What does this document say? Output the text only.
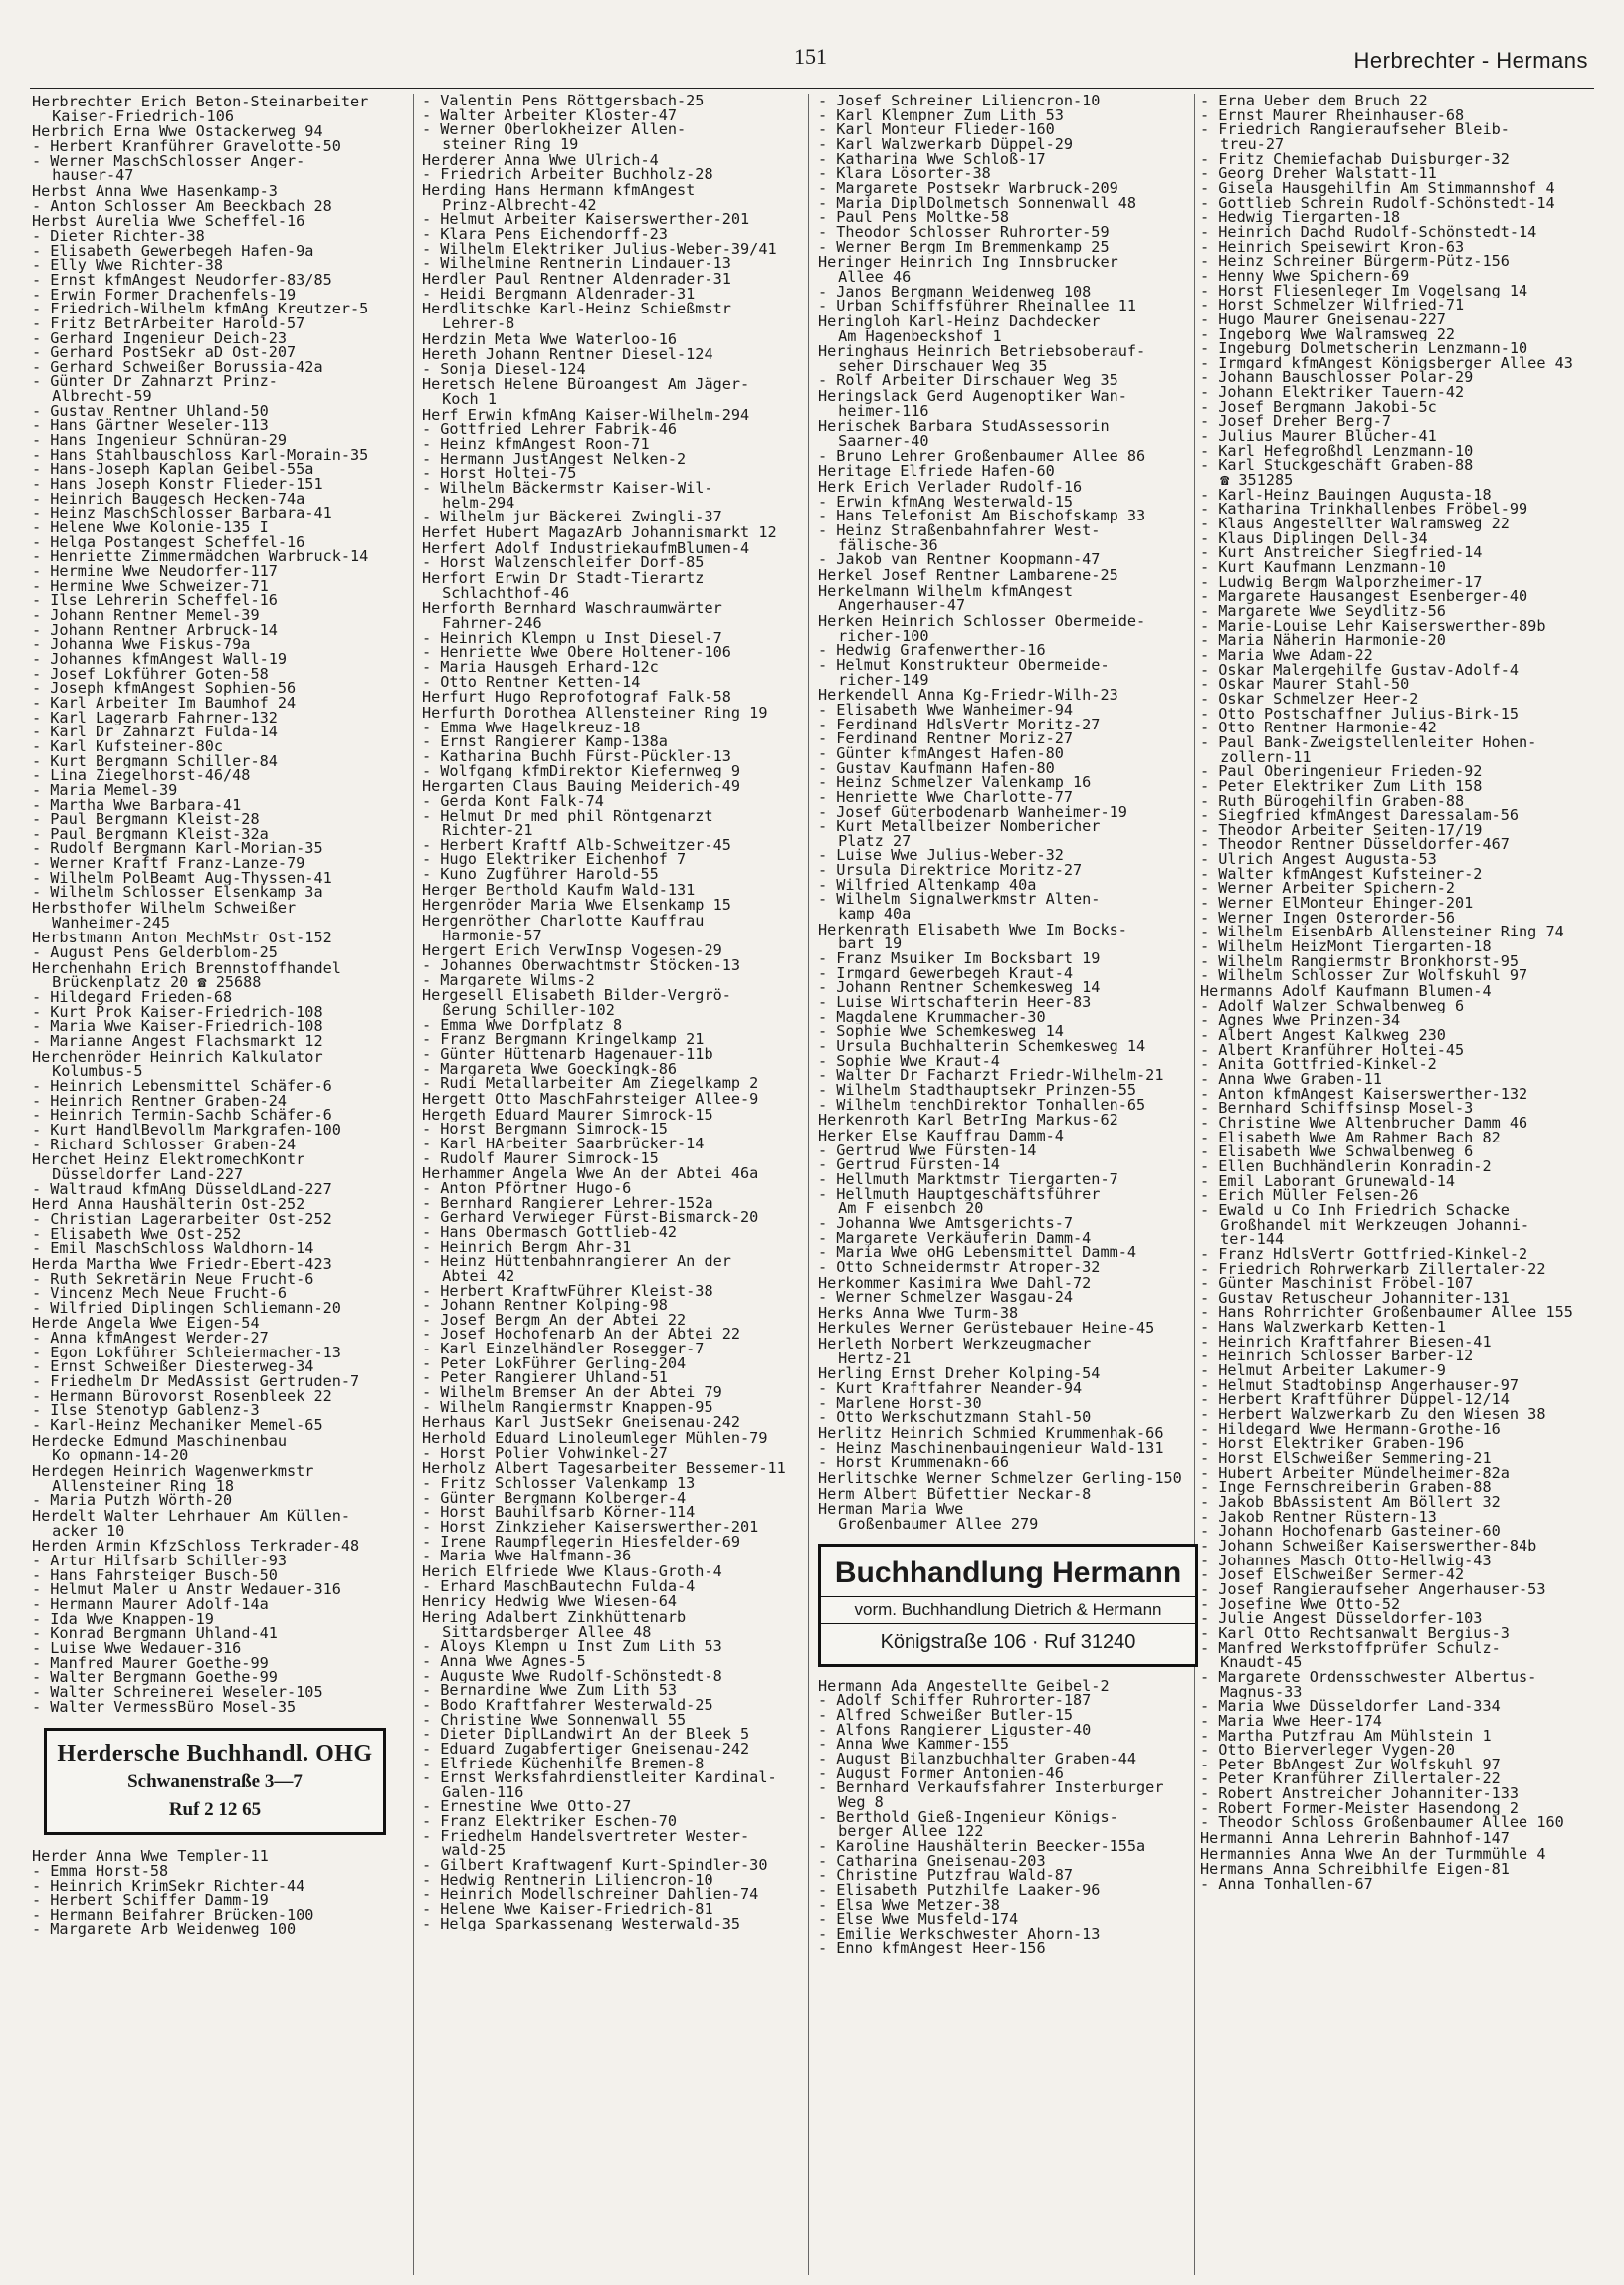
151	Herbrechter - Hermans
Herbrechter Erich Beton-Steinarbeiter
Kaiser-Friedrich-106
Herbrich Erna Wwe Ostackerweg 94
- Herbert Kranführer Gravelotte-50
- Werner MaschSchlosser Anger-
hauser-47
Herbst Anna Wwe Hasenkamp-3
- Anton Schlosser Am Beeckbach 28
Herbst Aurelia Wwe Scheffel-16
- Dieter Richter-38
- Elisabeth Gewerbegeh Hafen-9a
- Elly Wwe Richter-38
- Ernst kfmAngest Neudorfer-83/85
- Erwin Former Drachenfels-19
- Friedrich-Wilhelm kfmAng Kreutzer-5
- Fritz BetrArbeiter Harold-57
- Gerhard Ingenieur Deich-23
- Gerhard PostSekr aD Ost-207
- Gerhard Schweißer Borussia-42a
- Günter Dr Zahnarzt Prinz-
Albrecht-59
- Gustav Rentner Uhland-50
- Hans Gärtner Weseler-113
- Hans Ingenieur Schnüran-29
- Hans Stahlbauschloss Karl-Morain-35
- Hans-Joseph Kaplan Geibel-55a
- Hans Joseph Konstr Flieder-151
- Heinrich Baugesch Hecken-74a
- Heinz MaschSchlosser Barbara-41
- Helene Wwe Kolonie-135 I
- Helga Postangest Scheffel-16
- Henriette Zimmermädchen Warbruck-14
- Hermine Wwe Neudorfer-117
- Hermine Wwe Schweizer-71
- Ilse Lehrerin Scheffel-16
- Johann Rentner Memel-39
- Johann Rentner Arbruck-14
- Johanna Wwe Fiskus-79a
- Johannes kfmAngest Wall-19
- Josef Lokführer Goten-58
- Joseph kfmAngest Sophien-56
- Karl Arbeiter Im Baumhof 24
- Karl Lagerarb Fahrner-132
- Karl Dr Zahnarzt Fulda-14
- Karl Kufsteiner-80c
- Kurt Bergmann Schiller-84
- Lina Ziegelhorst-46/48
- Maria Memel-39
- Martha Wwe Barbara-41
- Paul Bergmann Kleist-28
- Paul Bergmann Kleist-32a
- Rudolf Bergmann Karl-Morian-35
- Werner Kraftf Franz-Lanze-79
- Wilhelm PolBeamt Aug-Thyssen-41
- Wilhelm Schlosser Elsenkamp 3a
Herbsthofer Wilhelm Schweißer
Wanheimer-245
Herbstmann Anton MechMstr Ost-152
- August Pens Gelderblom-25
Herchenhahn Erich Brennstoffhandel
Brückenplatz 20 ☎ 25688
- Hildegard Frieden-68
- Kurt Prok Kaiser-Friedrich-108
- Maria Wwe Kaiser-Friedrich-108
- Marianne Angest Flachsmarkt 12
Herchenröder Heinrich Kalkulator
Kolumbus-5
- Heinrich Lebensmittel Schäfer-6
- Heinrich Rentner Graben-24
- Heinrich Termin-Sachb Schäfer-6
- Kurt HandlBevollm Markgrafen-100
- Richard Schlosser Graben-24
Herchet Heinz ElektromechKontr
Düsseldorfer Land-227
- Waltraud kfmAng DüsseldLand-227
Herd Anna Haushälterin Ost-252
- Christian Lagerarbeiter Ost-252
- Elisabeth Wwe Ost-252
- Emil MaschSchloss Waldhorn-14
Herda Martha Wwe Friedr-Ebert-423
- Ruth Sekretärin Neue Frucht-6
- Vincenz Mech Neue Frucht-6
- Wilfried Diplingen Schliemann-20
Herde Angela Wwe Eigen-54
- Anna kfmAngest Werder-27
- Egon Lokführer Schleiermacher-13
- Ernst Schweißer Diesterweg-34
- Friedhelm Dr MedAssist Gertruden-7
- Hermann Bürovorst Rosenbleek 22
- Ilse Stenotyp Gablenz-3
- Karl-Heinz Mechaniker Memel-65
Herdecke Edmund Maschinenbau
Ko opmann-14-20
Herdegen Heinrich Wagenwerkmstr
Allensteiner Ring 18
- Maria Putzh Wörth-20
Herdelt Walter Lehrhauer Am Küllen-
acker 10
Herden Armin KfzSchloss Terkrader-48
- Artur Hilfsarb Schiller-93
- Hans Fahrsteiger Busch-50
- Helmut Maler u Anstr Wedauer-316
- Hermann Maurer Adolf-14a
- Ida Wwe Knappen-19
- Konrad Bergmann Uhland-41
- Luise Wwe Wedauer-316
- Manfred Maurer Goethe-99
- Walter Bergmann Goethe-99
- Walter Schreinerei Weseler-105
- Walter VermessBüro Mosel-35
Herdersche Buchhandl. OHG
Schwanenstraße 3—7
Ruf 2 12 65
Herder Anna Wwe Templer-11
- Emma Horst-58
- Heinrich KrimSekr Richter-44
- Herbert Schiffer Damm-19
- Hermann Beifahrer Brücken-100
- Margarete Arb Weidenweg 100
- Valentin Pens Röttgersbach-25
- Walter Arbeiter Kloster-47
- Werner Oberlokheizer Allen-
steiner Ring 19
Herderer Anna Wwe Ulrich-4
- Friedrich Arbeiter Buchholz-28
Herding Hans Hermann kfmAngest
Prinz-Albrecht-42
- Helmut Arbeiter Kaiserswerther-201
- Klara Pens Eichendorff-23
- Wilhelm Elektriker Julius-Weber-39/41
- Wilhelmine Rentnerin Lindauer-13
Herdler Paul Rentner Aldenrader-31
- Heidi Bergmann Aldenrader-31
Herdlitschke Karl-Heinz Schießmstr
Lehrer-8
Herdzin Meta Wwe Waterloo-16
Hereth Johann Rentner Diesel-124
- Sonja Diesel-124
Heretsch Helene Büroangest Am Jäger-
Koch 1
Herf Erwin kfmAng Kaiser-Wilhelm-294
- Gottfried Lehrer Fabrik-46
- Heinz kfmAngest Roon-71
- Hermann JustAngest Nelken-2
- Horst Holtei-75
- Wilhelm Bäckermstr Kaiser-Wil-
helm-294
- Wilhelm jur Bäckerei Zwingli-37
Herfet Hubert MagazArb Johannismarkt 12
Herfert Adolf IndustriekaufmBlumen-4
- Horst Walzenschleifer Dorf-85
Herfort Erwin Dr Stadt-Tierartz
Schlachthof-46
Herforth Bernhard Waschraumwärter
Fahrner-246
- Heinrich Klempn u Inst Diesel-7
- Henriette Wwe Obere Holtener-106
- Maria Hausgeh Erhard-12c
- Otto Rentner Ketten-14
Herfurt Hugo Reprofotograf Falk-58
Herfurth Dorothea Allensteiner Ring 19
- Emma Wwe Hagelkreuz-18
- Ernst Rangierer Kamp-138a
- Katharina Buchh Fürst-Pückler-13
- Wolfgang kfmDirektor Kiefernweg 9
Hergarten Claus Bauing Meiderich-49
- Gerda Kont Falk-74
- Helmut Dr med phil Röntgenarzt
Richter-21
- Herbert Kraftf Alb-Schweitzer-45
- Hugo Elektriker Eichenhof 7
- Kuno Zugführer Harold-55
Herger Berthold Kaufm Wald-131
Hergenröder Maria Wwe Elsenkamp 15
Hergenröther Charlotte Kauffrau
Harmonie-57
Hergert Erich VerwInsp Vogesen-29
- Johannes Oberwachtmstr Stöcken-13
- Margarete Wilms-2
Hergesell Elisabeth Bilder-Vergrö-
ßerung Schiller-102
- Emma Wwe Dorfplatz 8
- Franz Bergmann Kringelkamp 21
- Günter Hüttenarb Hagenauer-11b
- Margareta Wwe Goeckingk-86
- Rudi Metallarbeiter Am Ziegelkamp 2
Hergett Otto MaschFahrsteiger Allee-9
Hergeth Eduard Maurer Simrock-15
- Horst Bergmann Simrock-15
- Karl HArbeiter Saarbrücker-14
- Rudolf Maurer Simrock-15
Herhammer Angela Wwe An der Abtei 46a
- Anton Pförtner Hugo-6
- Bernhard Rangierer Lehrer-152a
- Gerhard Verwieger Fürst-Bismarck-20
- Hans Obermasch Gottlieb-42
- Heinrich Bergm Ahr-31
- Heinz Hüttenbahnrangierer An der
Abtei 42
- Herbert KraftwFührer Kleist-38
- Johann Rentner Kolping-98
- Josef Bergm An der Abtei 22
- Josef Hochofenarb An der Abtei 22
- Karl Einzelhändler Rosegger-7
- Peter LokFührer Gerling-204
- Peter Rangierer Uhland-51
- Wilhelm Bremser An der Abtei 79
- Wilhelm Rangiermstr Knappen-95
Herhaus Karl JustSekr Gneisenau-242
Herhold Eduard Linoleumleger Mühlen-79
- Horst Polier Vohwinkel-27
Herholz Albert Tagesarbeiter Bessemer-11
- Fritz Schlosser Valenkamp 13
- Günter Bergmann Kolberger-4
- Horst Bauhilfsarb Körner-114
- Horst Zinkzieher Kaiserswerther-201
- Irene Raumpflegerin Hiesfelder-69
- Maria Wwe Halfmann-36
Herich Elfriede Wwe Klaus-Groth-4
- Erhard MaschBautechn Fulda-4
Henricy Hedwig Wwe Wiesen-64
Hering Adalbert Zinkhüttenarb
Sittardsberger Allee 48
- Aloys Klempn u Inst Zum Lith 53
- Anna Wwe Agnes-5
- Auguste Wwe Rudolf-Schönstedt-8
- Bernardine Wwe Zum Lith 53
- Bodo Kraftfahrer Westerwald-25
- Christine Wwe Sonnenwall 55
- Dieter DiplLandwirt An der Bleek 5
- Eduard Zugabfertiger Gneisenau-242
- Elfriede Küchenhilfe Bremen-8
- Ernst Werksfahrdienstleiter Kardinal-
Galen-116
- Ernestine Wwe Otto-27
- Franz Elektriker Eschen-70
- Friedhelm Handelsvertreter Wester-
wald-25
- Gilbert Kraftwagenf Kurt-Spindler-30
- Hedwig Rentnerin Liliencron-10
- Heinrich Modellschreiner Dahlien-74
- Helene Wwe Kaiser-Friedrich-81
- Helga Sparkassenang Westerwald-35
- Josef Schreiner Liliencron-10
- Karl Klempner Zum Lith 53
- Karl Monteur Flieder-160
- Karl Walzwerkarb Düppel-29
- Katharina Wwe Schloß-17
- Klara Lösorter-38
- Margarete Postsekr Warbruck-209
- Maria DiplDolmetsch Sonnenwall 48
- Paul Pens Moltke-58
- Theodor Schlosser Ruhrorter-59
- Werner Bergm Im Bremmenkamp 25
Heringer Heinrich Ing Innsbrucker
Allee 46
- Janos Bergmann Weidenweg 108
- Urban Schiffsführer Rheinallee 11
Heringloh Karl-Heinz Dachdecker
Am Hagenbeckshof 1
Heringhaus Heinrich Betriebsoberauf-
seher Dirschauer Weg 35
- Rolf Arbeiter Dirschauer Weg 35
Heringslack Gerd Augenoptiker Wan-
heimer-116
Herischek Barbara StudAssessorin
Saarner-40
- Bruno Lehrer Großenbaumer Allee 86
Heritage Elfriede Hafen-60
Herk Erich Verlader Rudolf-16
- Erwin kfmAng Westerwald-15
- Hans Telefonist Am Bischofskamp 33
- Heinz Straßenbahnfahrer West-
fälische-36
- Jakob van Rentner Koopmann-47
Herkel Josef Rentner Lambarene-25
Herkelmann Wilhelm kfmAngest
Angerhauser-47
Herken Heinrich Schlosser Obermeide-
richer-100
- Hedwig Grafenwerther-16
- Helmut Konstrukteur Obermeide-
richer-149
Herkendell Anna Kg-Friedr-Wilh-23
- Elisabeth Wwe Wanheimer-94
- Ferdinand HdlsVertr Moritz-27
- Ferdinand Rentner Moriz-27
- Günter kfmAngest Hafen-80
- Gustav Kaufmann Hafen-80
- Heinz Schmelzer Valenkamp 16
- Henriette Wwe Charlotte-77
- Josef Güterbodenarb Wanheimer-19
- Kurt Metallbeizer Nombericher
Platz 27
- Luise Wwe Julius-Weber-32
- Ursula Direktrice Moritz-27
- Wilfried Altenkamp 40a
- Wilhelm Signalwerkmstr Alten-
kamp 40a
Herkenrath Elisabeth Wwe Im Bocks-
bart 19
- Franz Msuiker Im Bocksbart 19
- Irmgard Gewerbegeh Kraut-4
- Johann Rentner Schemkesweg 14
- Luise Wirtschafterin Heer-83
- Magdalene Krummacher-30
- Sophie Wwe Schemkesweg 14
- Ursula Buchhalterin Schemkesweg 14
- Sophie Wwe Kraut-4
- Walter Dr Facharzt Friedr-Wilhelm-21
- Wilhelm Stadthauptsekr Prinzen-55
- Wilhelm tenchDirektor Tonhallen-65
Herkenroth Karl BetrIng Markus-62
Herker Else Kauffrau Damm-4
- Gertrud Wwe Fürsten-14
- Gertrud Fürsten-14
- Hellmuth Marktmstr Tiergarten-7
- Hellmuth Hauptgeschäftsführer
Am F eisenbch 20
- Johanna Wwe Amtsgerichts-7
- Margarete Verkäuferin Damm-4
- Maria Wwe oHG Lebensmittel Damm-4
- Otto Schneidermstr Atroper-32
Herkommer Kasimira Wwe Dahl-72
- Werner Schmelzer Wasgau-24
Herks Anna Wwe Turm-38
Herkules Werner Gerüstebauer Heine-45
Herleth Norbert Werkzeugmacher
Hertz-21
Herling Ernst Dreher Kolping-54
- Kurt Kraftfahrer Neander-94
- Marlene Horst-30
- Otto Werkschutzmann Stahl-50
Herlitz Heinrich Schmied Krummenhak-66
- Heinz Maschinenbauingenieur Wald-131
- Horst Krummenakn-66
Herlitschke Werner Schmelzer Gerling-150
Herm Albert Büfettier Neckar-8
Herman Maria Wwe
Großenbaumer Allee 279
Buchhandlung Hermann
vorm. Buchhandlung Dietrich & Hermann
Königstraße 106 · Ruf 31240
Hermann Ada Angestellte Geibel-2
- Adolf Schiffer Ruhrorter-187
- Alfred Schweißer Butler-15
- Alfons Rangierer Liguster-40
- Anna Wwe Kammer-155
- August Bilanzbuchhalter Graben-44
- August Former Antonien-46
- Bernhard Verkaufsfahrer Insterburger
Weg 8
- Berthold Gieß-Ingenieur Königs-
berger Allee 122
- Karoline Haushälterin Beecker-155a
- Catharina Gneisenau-203
- Christine Putzfrau Wald-87
- Elisabeth Putzhilfe Laaker-96
- Elsa Wwe Metzer-38
- Else Wwe Musfeld-174
- Emilie Werkschwester Ahorn-13
- Enno kfmAngest Heer-156
- Erna Ueber dem Bruch 22
- Ernst Maurer Rheinhauser-68
- Friedrich Rangieraufseher Bleib-
treu-27
- Fritz Chemiefachab Duisburger-32
- Georg Dreher Walstatt-11
- Gisela Hausgehilfin Am Stimmannshof 4
- Gottlieb Schrein Rudolf-Schönstedt-14
- Hedwig Tiergarten-18
- Heinrich Dachd Rudolf-Schönstedt-14
- Heinrich Speisewirt Kron-63
- Heinz Schreiner Bürgerm-Pütz-156
- Henny Wwe Spichern-69
- Horst Fliesenleger Im Vogelsang 14
- Horst Schmelzer Wilfried-71
- Hugo Maurer Gneisenau-227
- Ingeborg Wwe Walramsweg 22
- Ingeburg Dolmetscherin Lenzmann-10
- Irmgard kfmAngest Königsberger Allee 43
- Johann Bauschlosser Polar-29
- Johann Elektriker Tauern-42
- Josef Bergmann Jakobi-5c
- Josef Dreher Berg-7
- Julius Maurer Blücher-41
- Karl Hefegroßhdl Lenzmann-10
- Karl Stuckgeschäft Graben-88
☎ 351285
- Karl-Heinz Bauingen Augusta-18
- Katharina Trinkhallenbes Fröbel-99
- Klaus Angestellter Walramsweg 22
- Klaus Diplingen Dell-34
- Kurt Anstreicher Siegfried-14
- Kurt Kaufmann Lenzmann-10
- Ludwig Bergm Walporzheimer-17
- Margarete Hausangest Esenberger-40
- Margarete Wwe Seydlitz-56
- Marie-Louise Lehr Kaiserswerther-89b
- Maria Näherin Harmonie-20
- Maria Wwe Adam-22
- Oskar Malergehilfe Gustav-Adolf-4
- Oskar Maurer Stahl-50
- Oskar Schmelzer Heer-2
- Otto Postschaffner Julius-Birk-15
- Otto Rentner Harmonie-42
- Paul Bank-Zweigstellenleiter Hohen-
zollern-11
- Paul Oberingenieur Frieden-92
- Peter Elektriker Zum Lith 158
- Ruth Bürogehilfin Graben-88
- Siegfried kfmAngest Daressalam-56
- Theodor Arbeiter Seiten-17/19
- Theodor Rentner Düsseldorfer-467
- Ulrich Angest Augusta-53
- Walter kfmAngest Kufsteiner-2
- Werner Arbeiter Spichern-2
- Werner ElMonteur Ehinger-201
- Werner Ingen Osterorder-56
- Wilhelm EisenbArb Allensteiner Ring 74
- Wilhelm HeizMont Tiergarten-18
- Wilhelm Rangiermstr Bronkhorst-95
- Wilhelm Schlosser Zur Wolfskuhl 97
Hermanns Adolf Kaufmann Blumen-4
- Adolf Walzer Schwalbenweg 6
- Agnes Wwe Prinzen-34
- Albert Angest Kalkweg 230
- Albert Kranführer Holtei-45
- Anita Gottfried-Kinkel-2
- Anna Wwe Graben-11
- Anton kfmAngest Kaiserswerther-132
- Bernhard Schiffsinsp Mosel-3
- Christine Wwe Altenbrucher Damm 46
- Elisabeth Wwe Am Rahmer Bach 82
- Elisabeth Wwe Schwalbenweg 6
- Ellen Buchhändlerin Konradin-2
- Emil Laborant Grunewald-14
- Erich Müller Felsen-26
- Ewald u Co Inh Friedrich Schacke
Großhandel mit Werkzeugen Johanni-
ter-144
- Franz HdlsVertr Gottfried-Kinkel-2
- Friedrich Rohrwerkarb Zillertaler-22
- Günter Maschinist Fröbel-107
- Gustav Retuscheur Johanniter-131
- Hans Rohrrichter Großenbaumer Allee 155
- Hans Walzwerkarb Ketten-1
- Heinrich Kraftfahrer Biesen-41
- Heinrich Schlosser Barber-12
- Helmut Arbeiter Lakumer-9
- Helmut Stadtobinsp Angerhauser-97
- Herbert Kraftführer Düppel-12/14
- Herbert Walzwerkarb Zu den Wiesen 38
- Hildegard Wwe Hermann-Grothe-16
- Horst Elektriker Graben-196
- Horst ElSchweißer Semmering-21
- Hubert Arbeiter Mündelheimer-82a
- Inge Fernschreiberin Graben-88
- Jakob BbAssistent Am Böllert 32
- Jakob Rentner Rüstern-13
- Johann Hochofenarb Gasteiner-60
- Johann Schweißer Kaiserswerther-84b
- Johannes Masch Otto-Hellwig-43
- Josef ElSchweißer Sermer-42
- Josef Rangieraufseher Angerhauser-53
- Josefine Wwe Otto-52
- Julie Angest Düsseldorfer-103
- Karl Otto Rechtsanwalt Bergius-3
- Manfred Werkstoffprüfer Schulz-
Knaudt-45
- Margarete Ordensschwester Albertus-
Magnus-33
- Maria Wwe Düsseldorfer Land-334
- Maria Wwe Heer-174
- Martha Putzfrau Am Mühlstein 1
- Otto Bierverleger Vygen-20
- Peter BbAngest Zur Wolfskuhl 97
- Peter Kranführer Zillertaler-22
- Robert Anstreicher Johanniter-133
- Robert Former-Meister Hasendong 2
- Theodor Schloss Großenbaumer Allee 160
Hermanni Anna Lehrerin Bahnhof-147
Hermannies Anna Wwe An der Turmmühle 4
Hermans Anna Schreibhilfe Eigen-81
- Anna Tonhallen-67
